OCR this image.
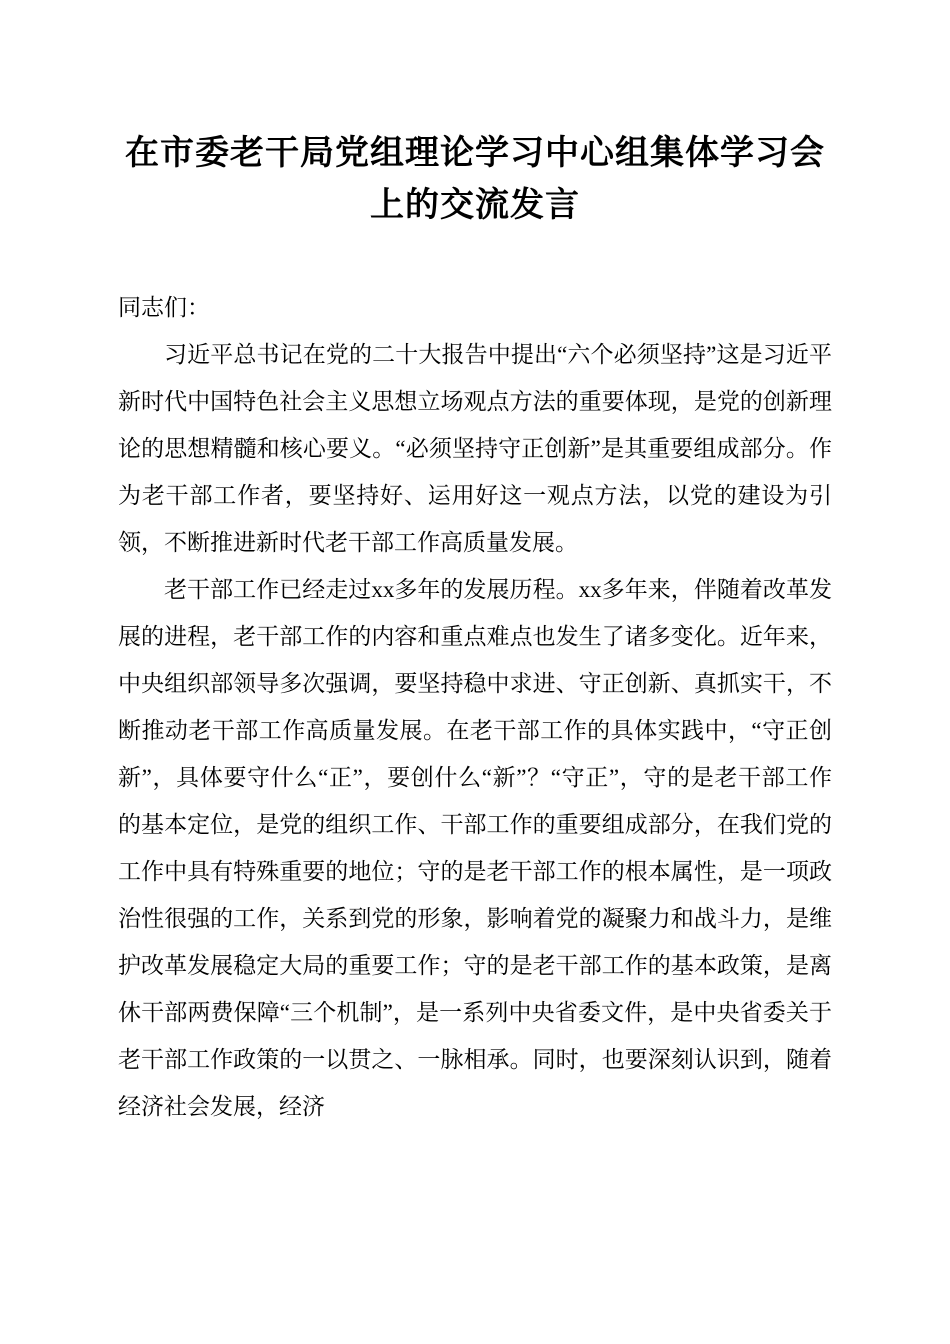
在市委老干局党组理论学习中心组集体学习会
上的交流发言

同志们：

习近平总书记在党的二十大报告中提出“六个必须坚持”这是习近平新时代中国特色社会主义思想立场观点方法的重要体现，是党的创新理论的思想精髓和核心要义。“必须坚持守正创新”是其重要组成部分。作为老干部工作者，要坚持好、运用好这一观点方法，以党的建设为引领，不断推进新时代老干部工作高质量发展。

老干部工作已经走过xx多年的发展历程。xx多年来，伴随着改革发展的进程，老干部工作的内容和重点难点也发生了诸多变化。近年来，中央组织部领导多次强调，要坚持稳中求进、守正创新、真抓实干，不断推动老干部工作高质量发展。在老干部工作的具体实践中，“守正创新”，具体要守什么“正”，要创什么“新”？“守正”，守的是老干部工作的基本定位，是党的组织工作、干部工作的重要组成部分，在我们党的工作中具有特殊重要的地位；守的是老干部工作的根本属性，是一项政治性很强的工作，关系到党的形象，影响着党的凝聚力和战斗力，是维护改革发展稳定大局的重要工作；守的是老干部工作的基本政策，是离休干部两费保障“三个机制”，是一系列中央省委文件，是中央省委关于老干部工作政策的一以贯之、一脉相承。同时，也要深刻认识到，随着经济社会发展，经济
